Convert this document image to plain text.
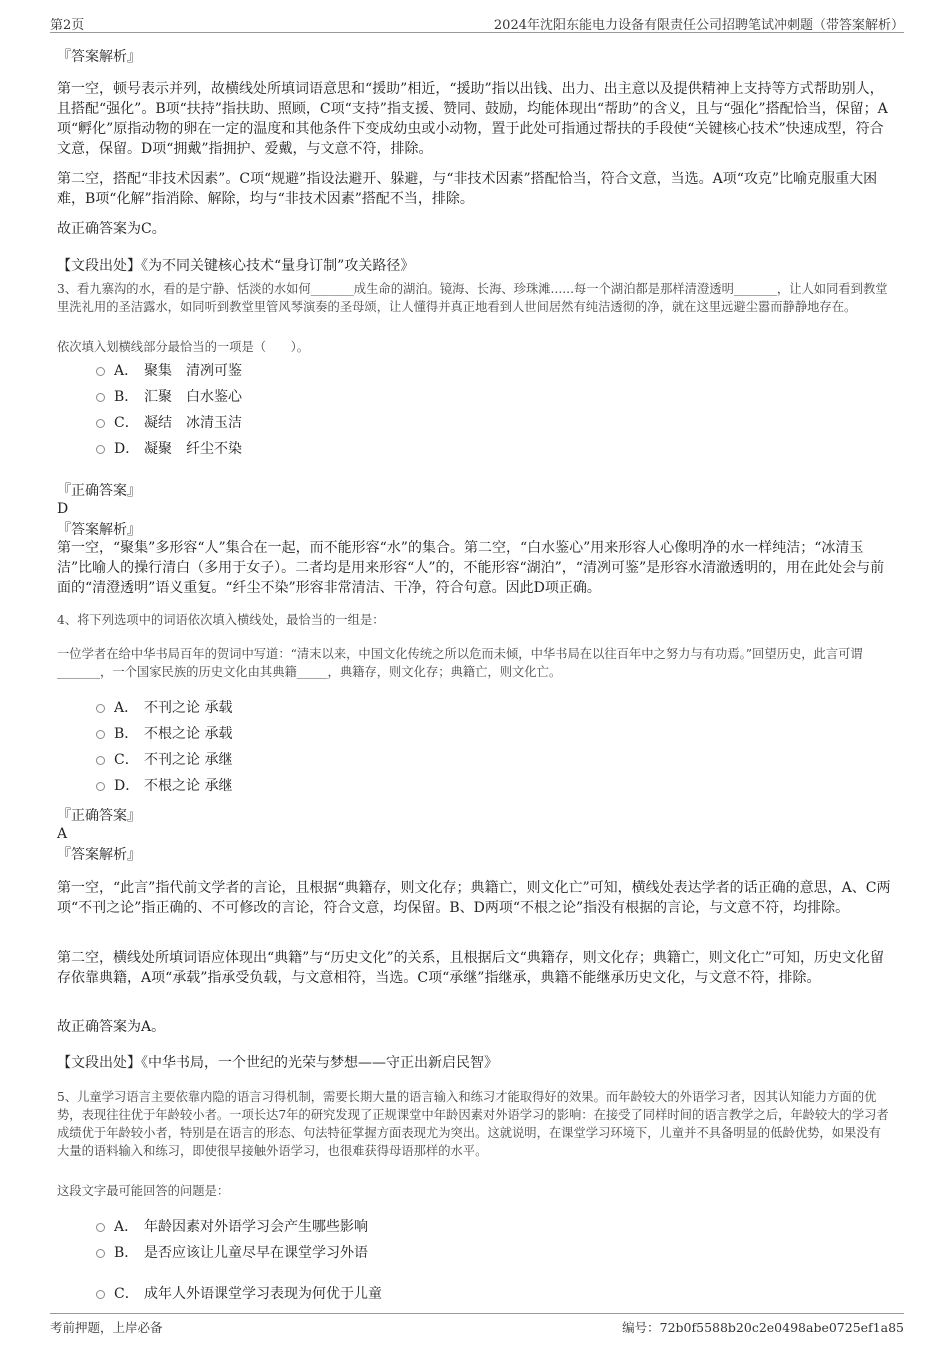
第2页	2024年沈阳东能电力设备有限责任公司招聘笔试冲刺题（带答案解析）
『答案解析』
第一空，顿号表示并列，故横线处所填词语意思和“援助”相近，“援助”指以出钱、出力、出主意以及提供精神上支持等方式帮助别人，且搭配“强化”。B项“扶持”指扶助、照顾，C项“支持”指支援、赞同、鼓励，均能体现出“帮助”的含义，且与“强化”搭配恰当，保留；A项“孵化”原指动物的卵在一定的温度和其他条件下变成幼虫或小动物，置于此处可指通过帮扶的手段使“关键核心技术”快速成型，符合文意，保留。D项“拥戴”指拥护、爱戴，与文意不符，排除。
第二空，搭配“非技术因素”。C项“规避”指设法避开、躲避，与“非技术因素”搭配恰当，符合文意，当选。A项“攻克”比喻克服重大困难，B项“化解”指消除、解除，均与“非技术因素”搭配不当，排除。
故正确答案为C。
【文段出处】《为不同关键核心技术“量身订制”攻关路径》
3、看九寨沟的水，看的是宁静、恬淡的水如何_______成生命的湖泊。镜海、长海、珍珠滩......每一个湖泊都是那样清澄透明_______，让人如同看到教堂里洗礼用的圣洁露水，如同听到教堂里管风琴演奏的圣母颂，让人懂得并真正地看到人世间居然有纯洁透彻的净，就在这里远避尘嚣而静静地存在。
依次填入划横线部分最恰当的一项是（　　）。
A． 聚集　清冽可鉴
B． 汇聚　白水鉴心
C． 凝结　冰清玉洁
D． 凝聚　纤尘不染
『正确答案』
D
『答案解析』
第一空，“聚集”多形容“人”集合在一起，而不能形容“水”的集合。第二空，“白水鉴心”用来形容人心像明净的水一样纯洁；“冰清玉洁”比喻人的操行清白（多用于女子）。二者均是用来形容“人”的，不能形容“湖泊”，“清冽可鉴”是形容水清澈透明的，用在此处会与前面的“清澄透明”语义重复。“纤尘不染”形容非常清洁、干净，符合句意。因此D项正确。
4、将下列选项中的词语依次填入横线处，最恰当的一组是：
一位学者在给中华书局百年的贺词中写道：“清末以来，中国文化传统之所以危而未倾，中华书局在以往百年中之努力与有功焉。”回望历史，此言可谓_______，一个国家民族的历史文化由其典籍_____，典籍存，则文化存；典籍亡，则文化亡。
A． 不刊之论 承载
B． 不根之论 承载
C． 不刊之论 承继
D． 不根之论 承继
『正确答案』
A
『答案解析』
第一空，“此言”指代前文学者的言论，且根据“典籍存，则文化存；典籍亡，则文化亡”可知，横线处表达学者的话正确的意思，A、C两项“不刊之论”指正确的、不可修改的言论，符合文意，均保留。B、D两项“不根之论”指没有根据的言论，与文意不符，均排除。
第二空，横线处所填词语应体现出“典籍”与“历史文化”的关系，且根据后文“典籍存，则文化存；典籍亡，则文化亡”可知，历史文化留存依靠典籍，A项“承载”指承受负载，与文意相符，当选。C项“承继”指继承，典籍不能继承历史文化，与文意不符，排除。
故正确答案为A。
【文段出处】《中华书局，一个世纪的光荣与梦想——守正出新启民智》
5、儿童学习语言主要依靠内隐的语言习得机制，需要长期大量的语言输入和练习才能取得好的效果。而年龄较大的外语学习者，因其认知能力方面的优势，表现往往优于年龄较小者。一项长达7年的研究发现了正规课堂中年龄因素对外语学习的影响：在接受了同样时间的语言教学之后，年龄较大的学习者成绩优于年龄较小者，特别是在语言的形态、句法特征掌握方面表现尤为突出。这就说明，在课堂学习环境下，儿童并不具备明显的低龄优势，如果没有大量的语料输入和练习，即使很早接触外语学习，也很难获得母语那样的水平。
这段文字最可能回答的问题是：
A． 年龄因素对外语学习会产生哪些影响
B． 是否应该让儿童尽早在课堂学习外语
C． 成年人外语课堂学习表现为何优于儿童
考前押题，上岸必备	编号：72b0f5588b20c2e0498abe0725ef1a85
